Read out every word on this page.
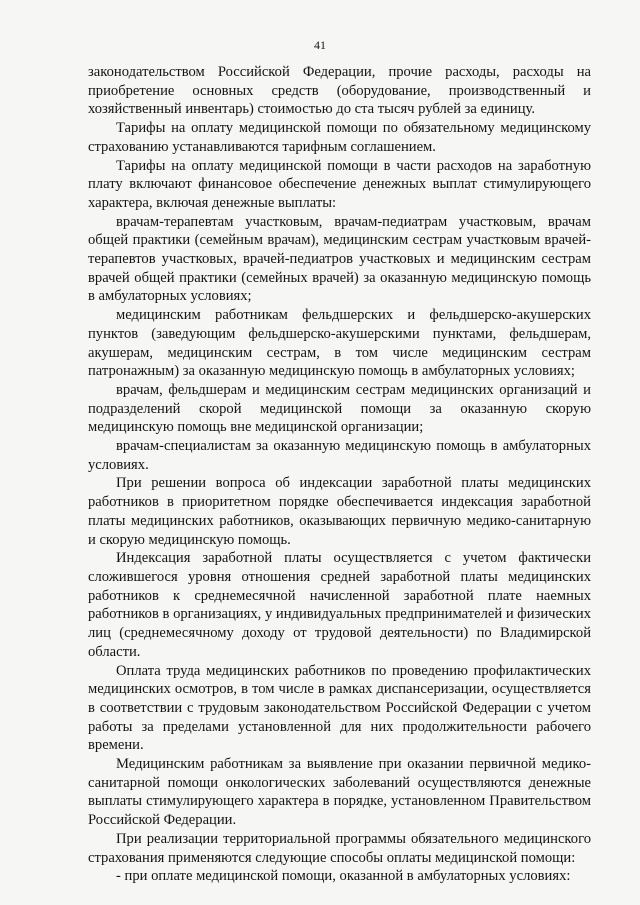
41

законодательством Российской Федерации, прочие расходы, расходы на приобретение основных средств (оборудование, производственный и хозяйственный инвентарь) стоимостью до ста тысяч рублей за единицу.

Тарифы на оплату медицинской помощи по обязательному медицинскому страхованию устанавливаются тарифным соглашением.

Тарифы на оплату медицинской помощи в части расходов на заработную плату включают финансовое обеспечение денежных выплат стимулирующего характера, включая денежные выплаты:

врачам-терапевтам участковым, врачам-педиатрам участковым, врачам общей практики (семейным врачам), медицинским сестрам участковым врачей-терапевтов участковых, врачей-педиатров участковых и медицинским сестрам врачей общей практики (семейных врачей) за оказанную медицинскую помощь в амбулаторных условиях;

медицинским работникам фельдшерских и фельдшерско-акушерских пунктов (заведующим фельдшерско-акушерскими пунктами, фельдшерам, акушерам, медицинским сестрам, в том числе медицинским сестрам патронажным) за оказанную медицинскую помощь в амбулаторных условиях;

врачам, фельдшерам и медицинским сестрам медицинских организаций и подразделений скорой медицинской помощи за оказанную скорую медицинскую помощь вне медицинской организации;

врачам-специалистам за оказанную медицинскую помощь в амбулаторных условиях.

При решении вопроса об индексации заработной платы медицинских работников в приоритетном порядке обеспечивается индексация заработной платы медицинских работников, оказывающих первичную медико-санитарную и скорую медицинскую помощь.

Индексация заработной платы осуществляется с учетом фактически сложившегося уровня отношения средней заработной платы медицинских работников к среднемесячной начисленной заработной плате наемных работников в организациях, у индивидуальных предпринимателей и физических лиц (среднемесячному доходу от трудовой деятельности) по Владимирской области.

Оплата труда медицинских работников по проведению профилактических медицинских осмотров, в том числе в рамках диспансеризации, осуществляется в соответствии с трудовым законодательством Российской Федерации с учетом работы за пределами установленной для них продолжительности рабочего времени.

Медицинским работникам за выявление при оказании первичной медико-санитарной помощи онкологических заболеваний осуществляются денежные выплаты стимулирующего характера в порядке, установленном Правительством Российской Федерации.

При реализации территориальной программы обязательного медицинского страхования применяются следующие способы оплаты медицинской помощи:

- при оплате медицинской помощи, оказанной в амбулаторных условиях:
